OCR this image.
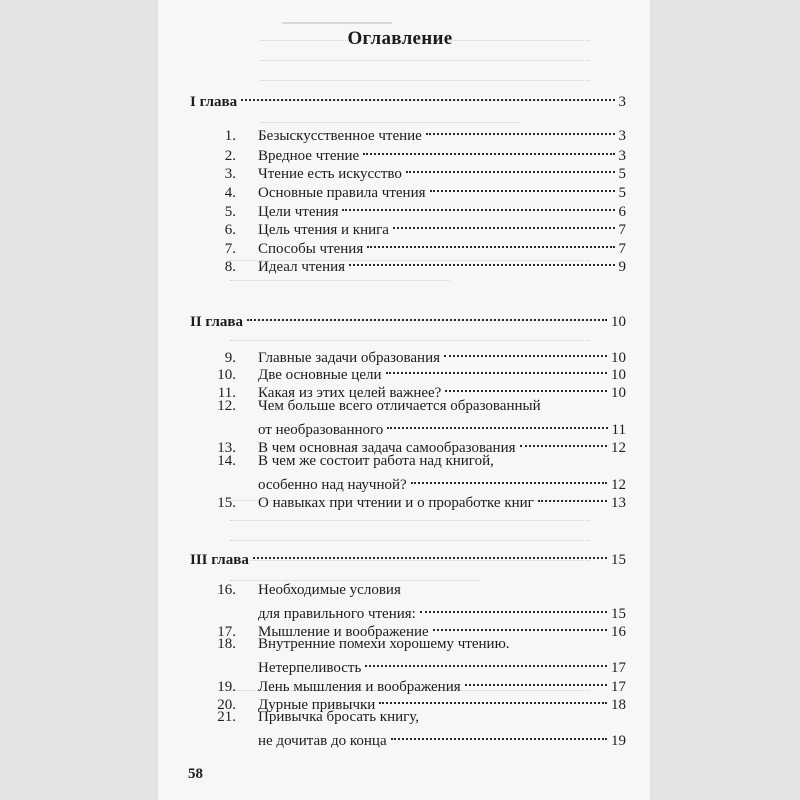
Оглавление
I глава	3
1.	Безыскусственное чтение	3
2.	Вредное чтение	3
3.	Чтение есть искусство	5
4.	Основные правила чтения	5
5.	Цели чтения	6
6.	Цель чтения и книга	7
7.	Способы чтения	7
8.	Идеал чтения	9
II глава	10
9.	Главные задачи образования	10
10.	Две основные цели	10
11.	Какая из этих целей важнее?	10
12.	Чем больше всего отличается образованный
от необразованного	11
13.	В чем основная задача самообразования	12
14.	В чем же состоит работа над книгой,
особенно над научной?	12
15.	О навыках при чтении и о проработке книг	13
III глава	15
16.	Необходимые условия
для правильного чтения:	15
17.	Мышление и воображение	16
18.	Внутренние помехи хорошему чтению.
Нетерпеливость	17
19.	Лень мышления и воображения	17
20.	Дурные привычки	18
21.	Привычка бросать книгу,
не дочитав до конца	19
58
